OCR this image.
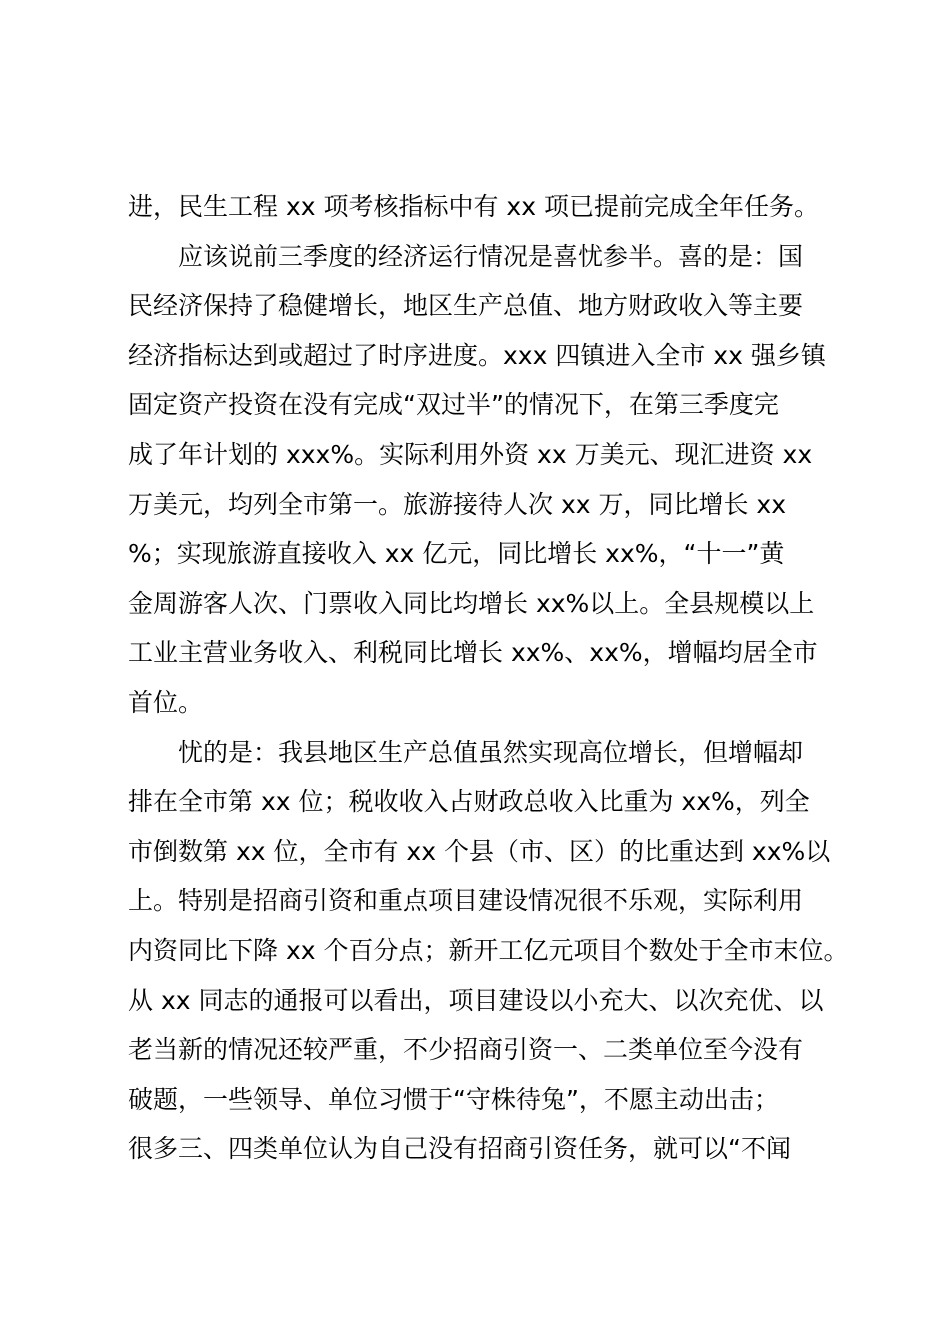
进，民生工程 xx 项考核指标中有 xx 项已提前完成全年任务。
应该说前三季度的经济运行情况是喜忧参半。喜的是：国
民经济保持了稳健增长，地区生产总值、地方财政收入等主要
经济指标达到或超过了时序进度。xxx 四镇进入全市 xx 强乡镇
固定资产投资在没有完成“双过半”的情况下，在第三季度完
成了年计划的 xxx%。实际利用外资 xx 万美元、现汇进资 xx
万美元，均列全市第一。旅游接待人次 xx 万，同比增长 xx
%；实现旅游直接收入 xx 亿元，同比增长 xx%，“十一”黄
金周游客人次、门票收入同比均增长 xx%以上。全县规模以上
工业主营业务收入、利税同比增长 xx%、xx%，增幅均居全市
首位。
忧的是：我县地区生产总值虽然实现高位增长，但增幅却
排在全市第 xx 位；税收收入占财政总收入比重为 xx%，列全
市倒数第 xx 位，全市有 xx 个县（市、区）的比重达到 xx%以
上。特别是招商引资和重点项目建设情况很不乐观，实际利用
内资同比下降 xx 个百分点；新开工亿元项目个数处于全市末位。
从 xx 同志的通报可以看出，项目建设以小充大、以次充优、以
老当新的情况还较严重，不少招商引资一、二类单位至今没有
破题，一些领导、单位习惯于“守株待兔”，不愿主动出击；
很多三、四类单位认为自己没有招商引资任务，就可以“不闻
